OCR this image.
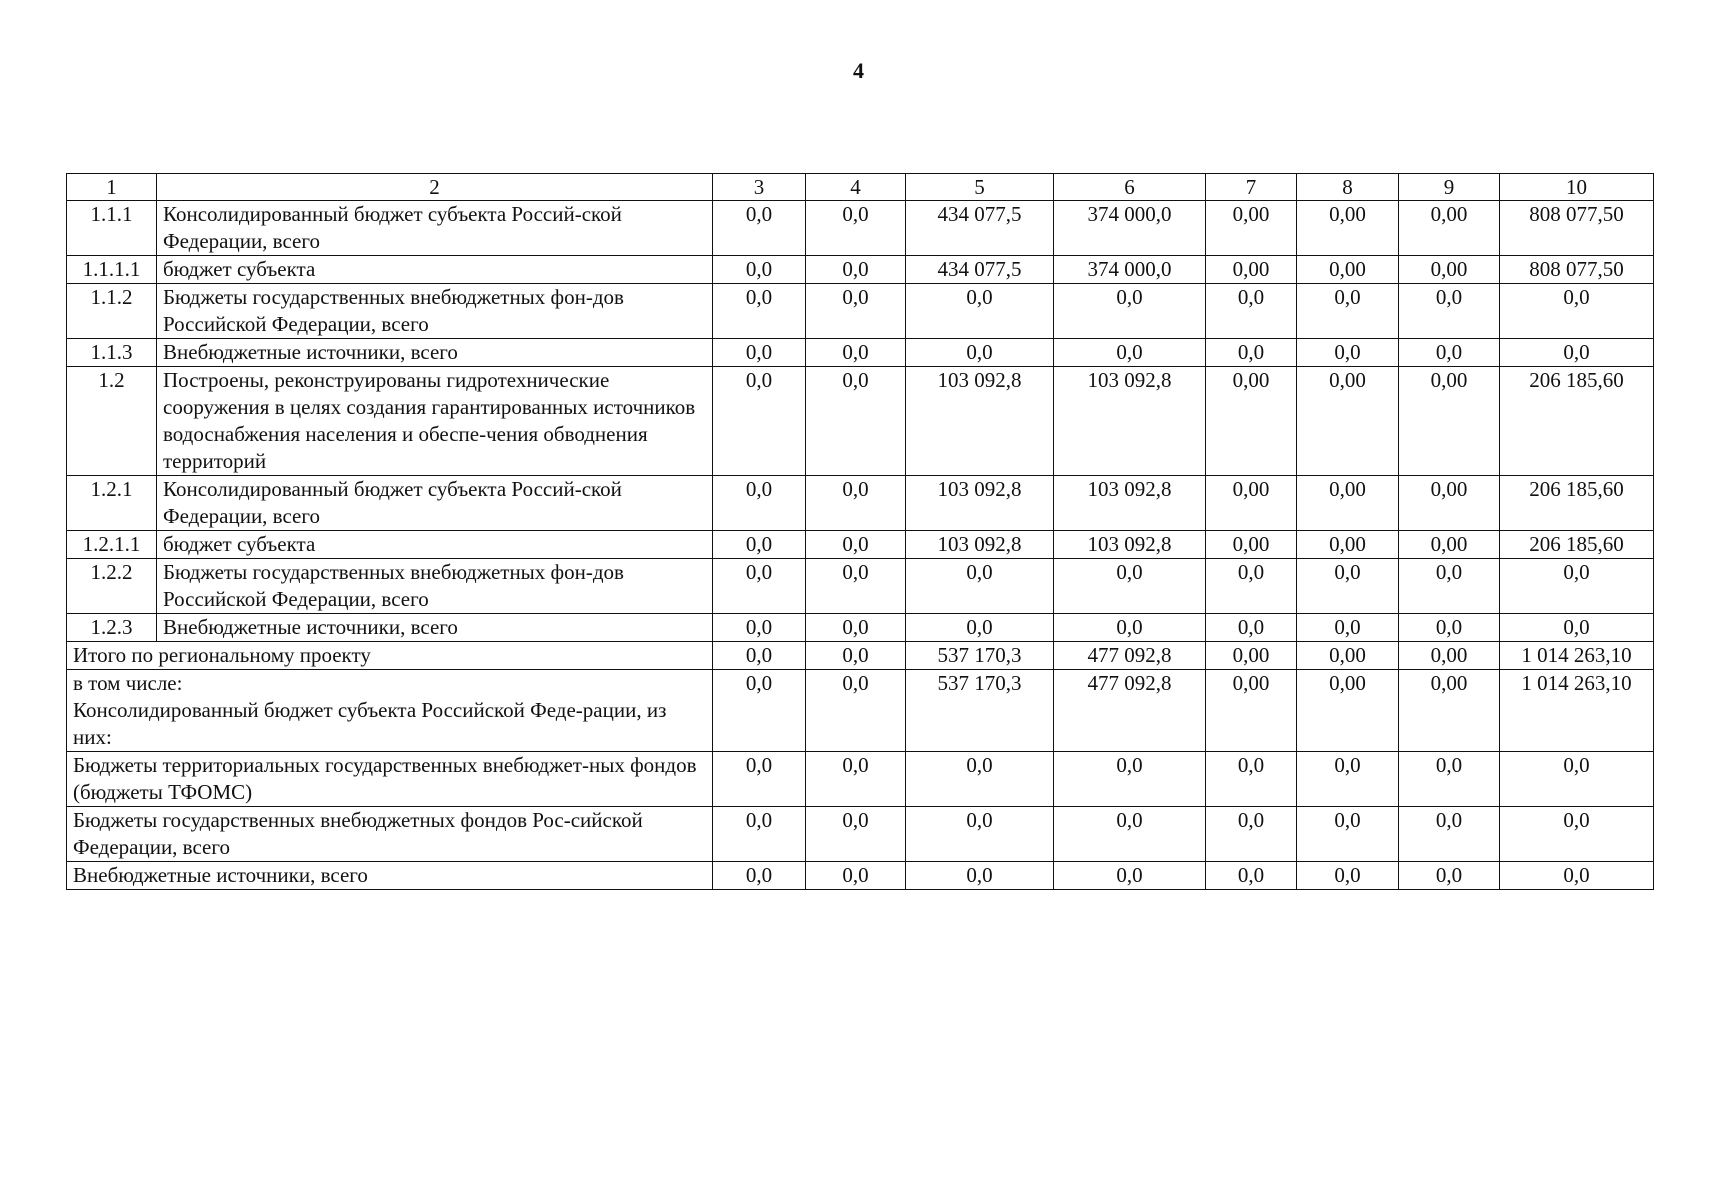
4
1	2	3	4	5	6	7	8	9	10
1.1.1	Консолидированный бюджет субъекта Россий-ской Федерации, всего	0,0	0,0	434 077,5	374 000,0	0,00	0,00	0,00	808 077,50
1.1.1.1	бюджет субъекта	0,0	0,0	434 077,5	374 000,0	0,00	0,00	0,00	808 077,50
1.1.2	Бюджеты государственных внебюджетных фон-дов Российской Федерации, всего	0,0	0,0	0,0	0,0	0,0	0,0	0,0	0,0
1.1.3	Внебюджетные источники, всего	0,0	0,0	0,0	0,0	0,0	0,0	0,0	0,0
1.2	Построены, реконструированы гидротехнические сооружения в целях создания гарантированных источников водоснабжения населения и обеспе-чения обводнения территорий	0,0	0,0	103 092,8	103 092,8	0,00	0,00	0,00	206 185,60
1.2.1	Консолидированный бюджет субъекта Россий-ской Федерации, всего	0,0	0,0	103 092,8	103 092,8	0,00	0,00	0,00	206 185,60
1.2.1.1	бюджет субъекта	0,0	0,0	103 092,8	103 092,8	0,00	0,00	0,00	206 185,60
1.2.2	Бюджеты государственных внебюджетных фон-дов Российской Федерации, всего	0,0	0,0	0,0	0,0	0,0	0,0	0,0	0,0
1.2.3	Внебюджетные источники, всего	0,0	0,0	0,0	0,0	0,0	0,0	0,0	0,0
Итого по региональному проекту		0,0	0,0	537 170,3	477 092,8	0,00	0,00	0,00	1 014 263,10
в том числе:
Консолидированный бюджет субъекта Российской Феде-рации, из них:		0,0	0,0	537 170,3	477 092,8	0,00	0,00	0,00	1 014 263,10
Бюджеты территориальных государственных внебюджет-ных фондов (бюджеты ТФОМС)		0,0	0,0	0,0	0,0	0,0	0,0	0,0	0,0
Бюджеты государственных внебюджетных фондов Рос-сийской Федерации, всего		0,0	0,0	0,0	0,0	0,0	0,0	0,0	0,0
Внебюджетные источники, всего		0,0	0,0	0,0	0,0	0,0	0,0	0,0	0,0
